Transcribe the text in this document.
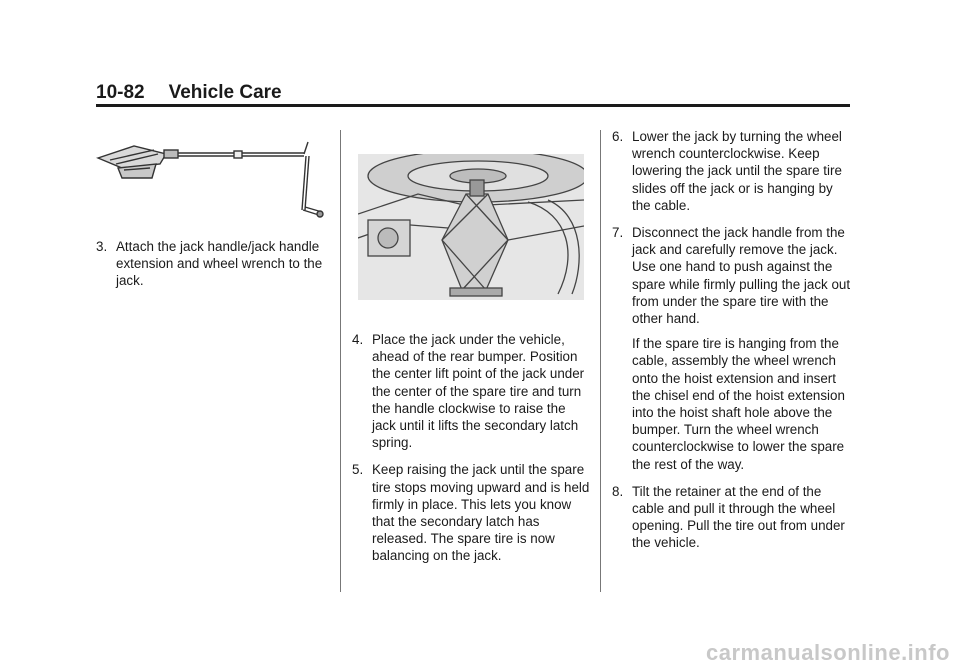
10-82 Vehicle Care
3. Attach the jack handle/jack handle extension and wheel wrench to the jack.
4. Place the jack under the vehicle, ahead of the rear bumper. Position the center lift point of the jack under the center of the spare tire and turn the handle clockwise to raise the jack until it lifts the secondary latch spring.
5. Keep raising the jack until the spare tire stops moving upward and is held firmly in place. This lets you know that the secondary latch has released. The spare tire is now balancing on the jack.
6. Lower the jack by turning the wheel wrench counterclockwise. Keep lowering the jack until the spare tire slides off the jack or is hanging by the cable.
7. Disconnect the jack handle from the jack and carefully remove the jack. Use one hand to push against the spare while firmly pulling the jack out from under the spare tire with the other hand.
If the spare tire is hanging from the cable, assembly the wheel wrench onto the hoist extension and insert the chisel end of the hoist extension into the hoist shaft hole above the bumper. Turn the wheel wrench counterclockwise to lower the spare the rest of the way.
8. Tilt the retainer at the end of the cable and pull it through the wheel opening. Pull the tire out from under the vehicle.
carmanualsonline.info
